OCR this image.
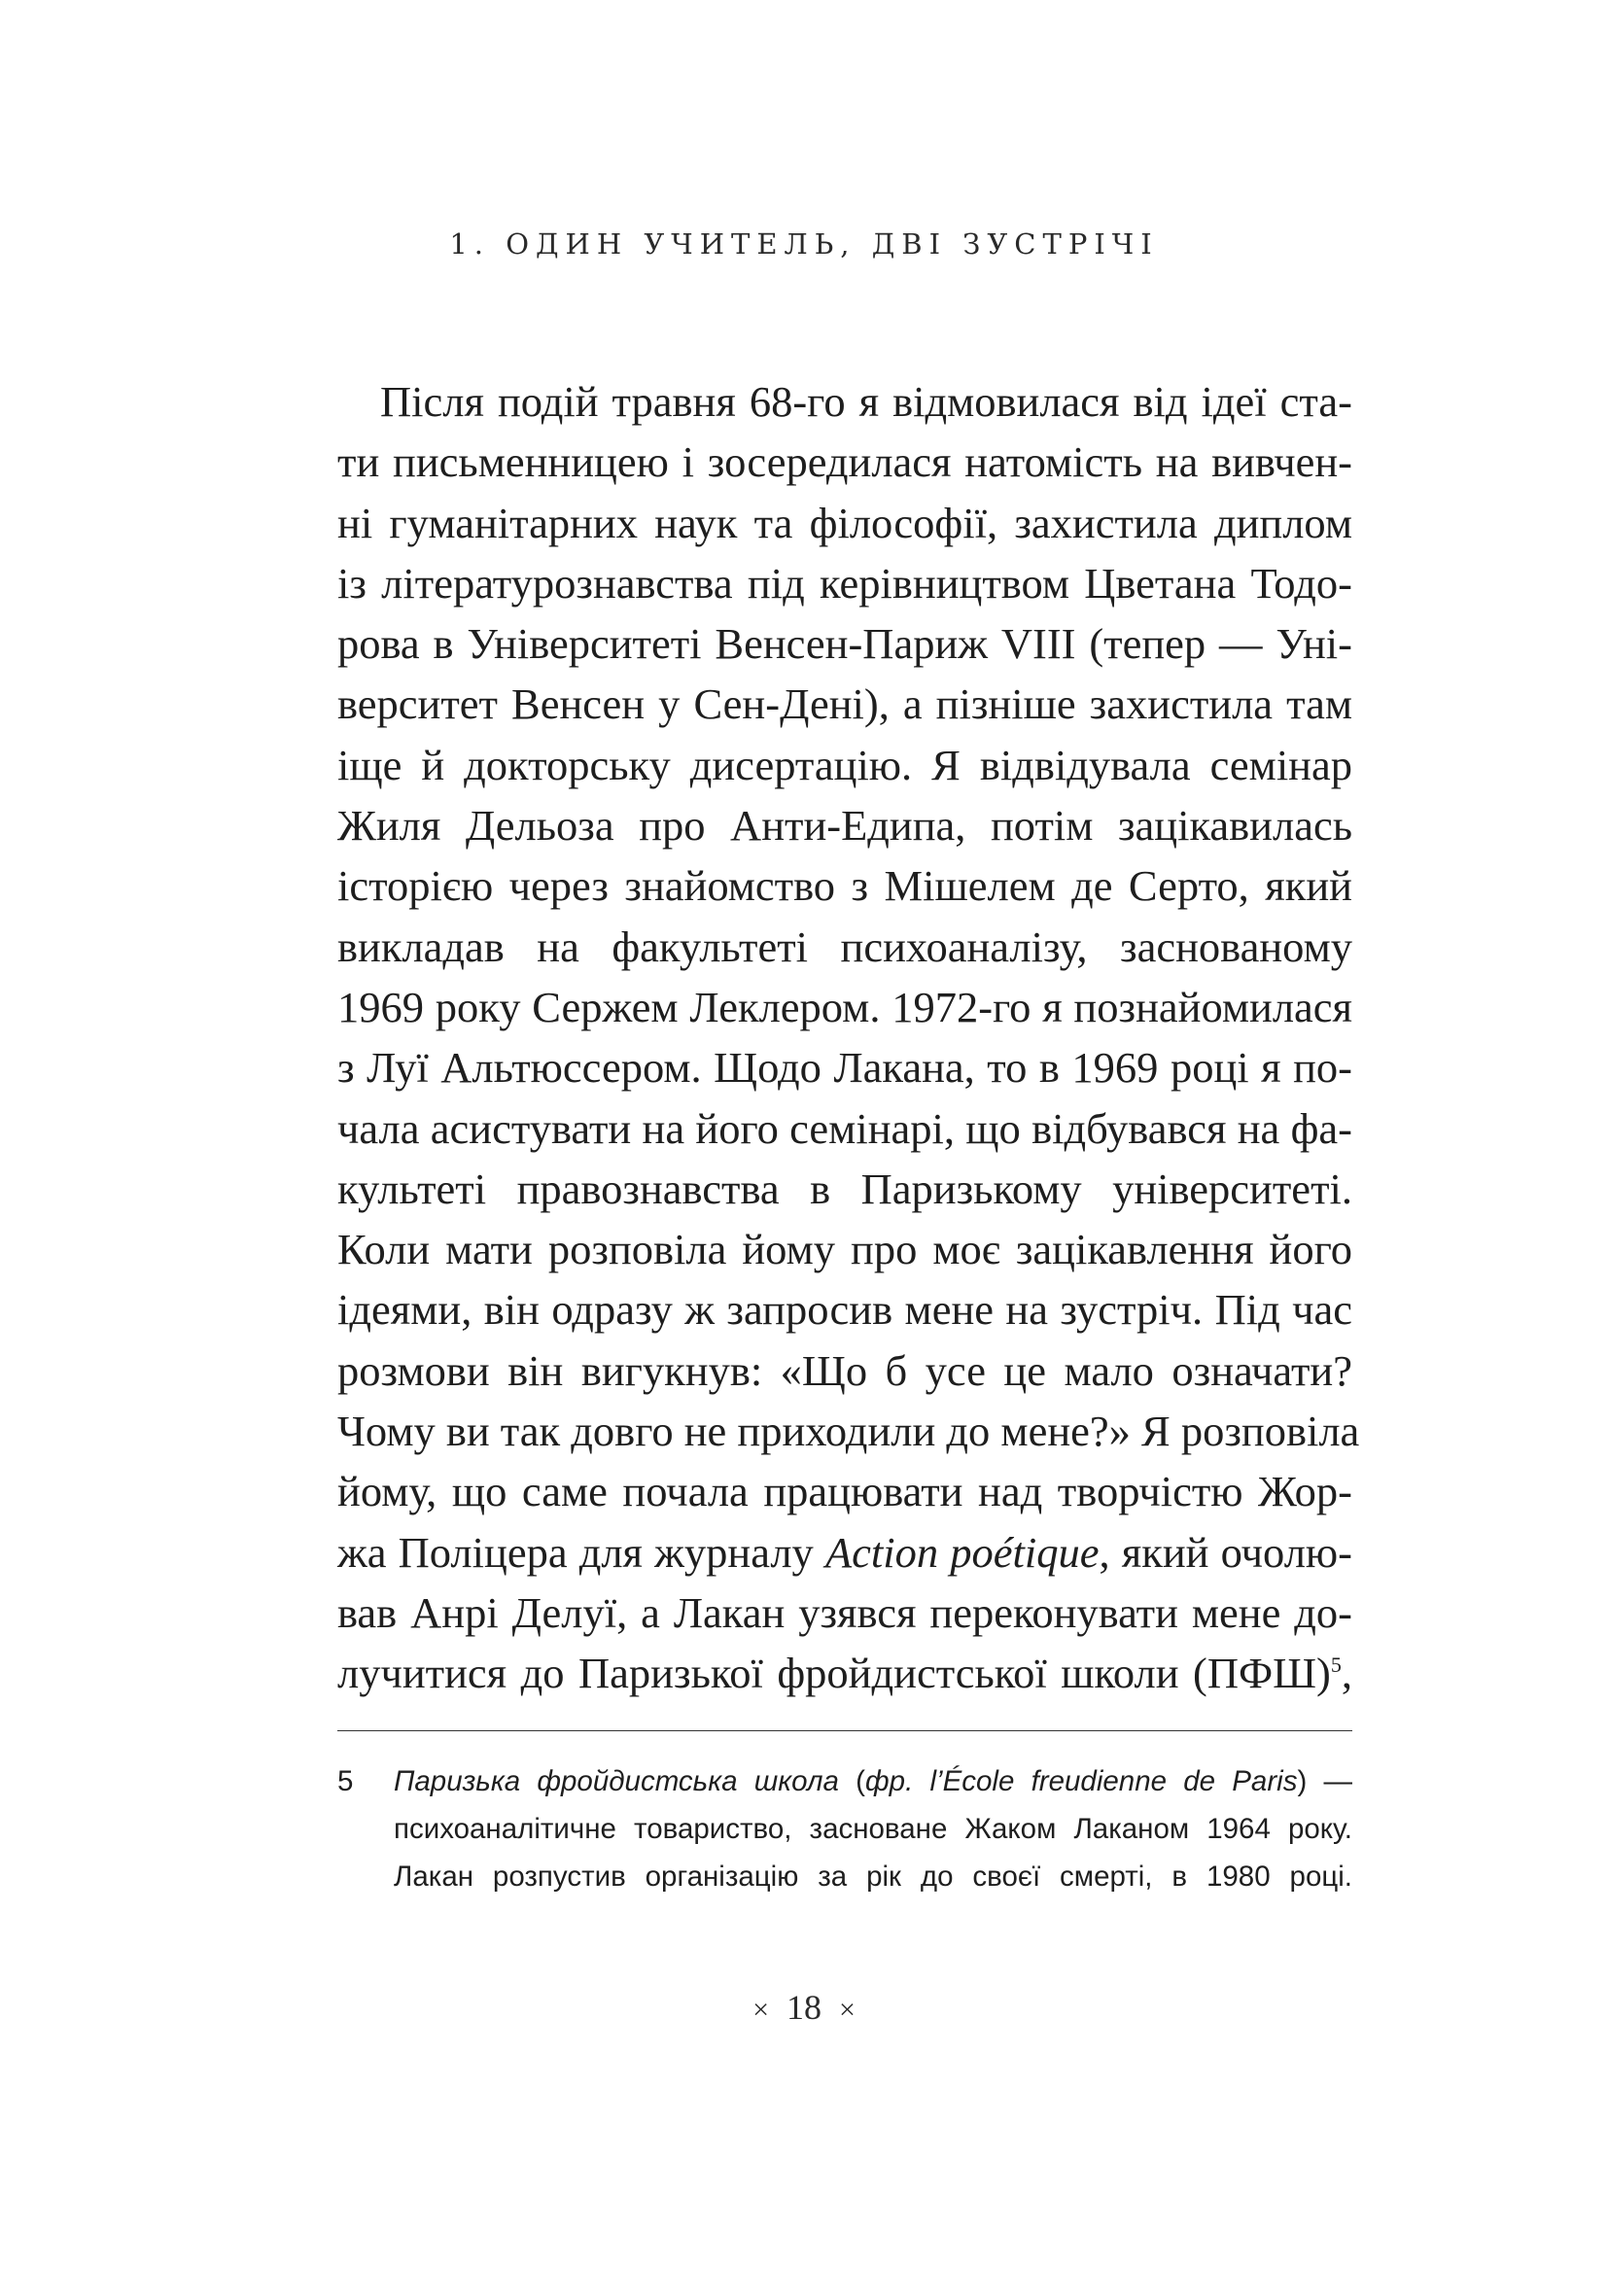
1. ОДИН УЧИТЕЛЬ, ДВІ ЗУСТРІЧІ
Після подій травня 68-го я відмовилася від ідеї ста-
ти письменницею і зосередилася натомість на вивчен-
ні гуманітарних наук та філософії, захистила диплом
із літературознавства під керівництвом Цветана Тодо-
рова в Університеті Венсен-Париж VIII (тепер — Уні-
верситет Венсен у Сен-Дені), а пізніше захистила там
іще й докторську дисертацію. Я відвідувала семінар
Жиля Дельоза про Анти-Едипа, потім зацікавилась
історією через знайомство з Мішелем де Серто, який
викладав на факультеті психоаналізу, заснованому
1969 року Сержем Леклером. 1972-го я познайомилася
з Луї Альтюссером. Щодо Лакана, то в 1969 році я по-
чала асистувати на його семінарі, що відбувався на фа-
культеті правознавства в Паризькому університеті.
Коли мати розповіла йому про моє зацікавлення його
ідеями, він одразу ж запросив мене на зустріч. Під час
розмови він вигукнув: «Що б усе це мало означати?
Чому ви так довго не приходили до мене?» Я розповіла
йому, що саме почала працювати над творчістю Жор-
жа Поліцера для журналу Action poétique, який очолю-
вав Анрі Делуї, а Лакан узявся переконувати мене до-
лучитися до Паризької фройдистської школи (ПФШ)$^5$,
5 Паризька фройдистська школа (фр. l’École freudienne de Paris) —
психоаналітичне товариство, засноване Жаком Лаканом 1964 року.
Лакан розпустив організацію за рік до своєї смерті, в 1980 році.
× 18 ×
